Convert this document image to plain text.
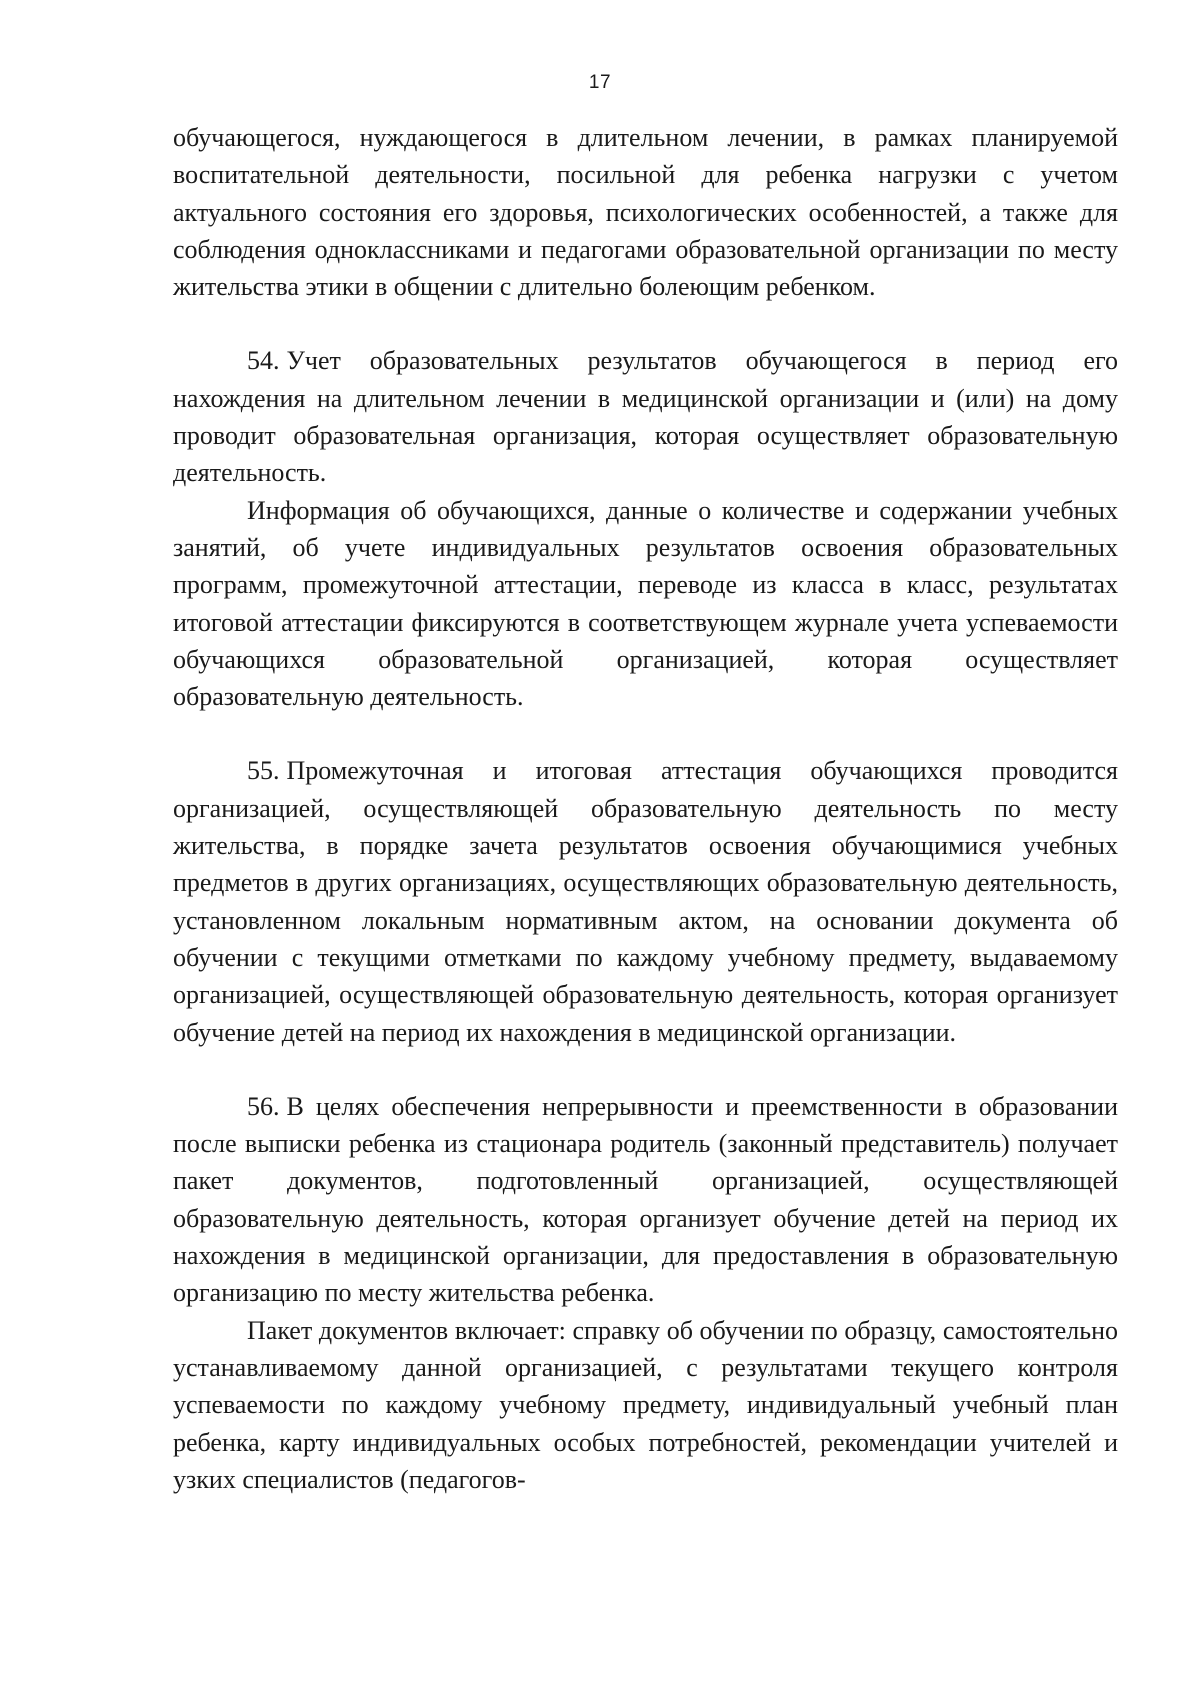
17

обучающегося, нуждающегося в длительном лечении, в рамках планируемой воспитательной деятельности, посильной для ребенка нагрузки с учетом актуального состояния его здоровья, психологических особенностей, а также для соблюдения одноклассниками и педагогами образовательной организации по месту жительства этики в общении с длительно болеющим ребенком.

54. Учет образовательных результатов обучающегося в период его нахождения на длительном лечении в медицинской организации и (или) на дому проводит образовательная организация, которая осуществляет образовательную деятельность.

Информация об обучающихся, данные о количестве и содержании учебных занятий, об учете индивидуальных результатов освоения образовательных программ, промежуточной аттестации, переводе из класса в класс, результатах итоговой аттестации фиксируются в соответствующем журнале учета успеваемости обучающихся образовательной организацией, которая осуществляет образовательную деятельность.

55. Промежуточная и итоговая аттестация обучающихся проводится организацией, осуществляющей образовательную деятельность по месту жительства, в порядке зачета результатов освоения обучающимися учебных предметов в других организациях, осуществляющих образовательную деятельность, установленном локальным нормативным актом, на основании документа об обучении с текущими отметками по каждому учебному предмету, выдаваемому организацией, осуществляющей образовательную деятельность, которая организует обучение детей на период их нахождения в медицинской организации.

56. В целях обеспечения непрерывности и преемственности в образовании после выписки ребенка из стационара родитель (законный представитель) получает пакет документов, подготовленный организацией, осуществляющей образовательную деятельность, которая организует обучение детей на период их нахождения в медицинской организации, для предоставления в образовательную организацию по месту жительства ребенка.

Пакет документов включает: справку об обучении по образцу, самостоятельно устанавливаемому данной организацией, с результатами текущего контроля успеваемости по каждому учебному предмету, индивидуальный учебный план ребенка, карту индивидуальных особых потребностей, рекомендации учителей и узких специалистов (педагогов-
